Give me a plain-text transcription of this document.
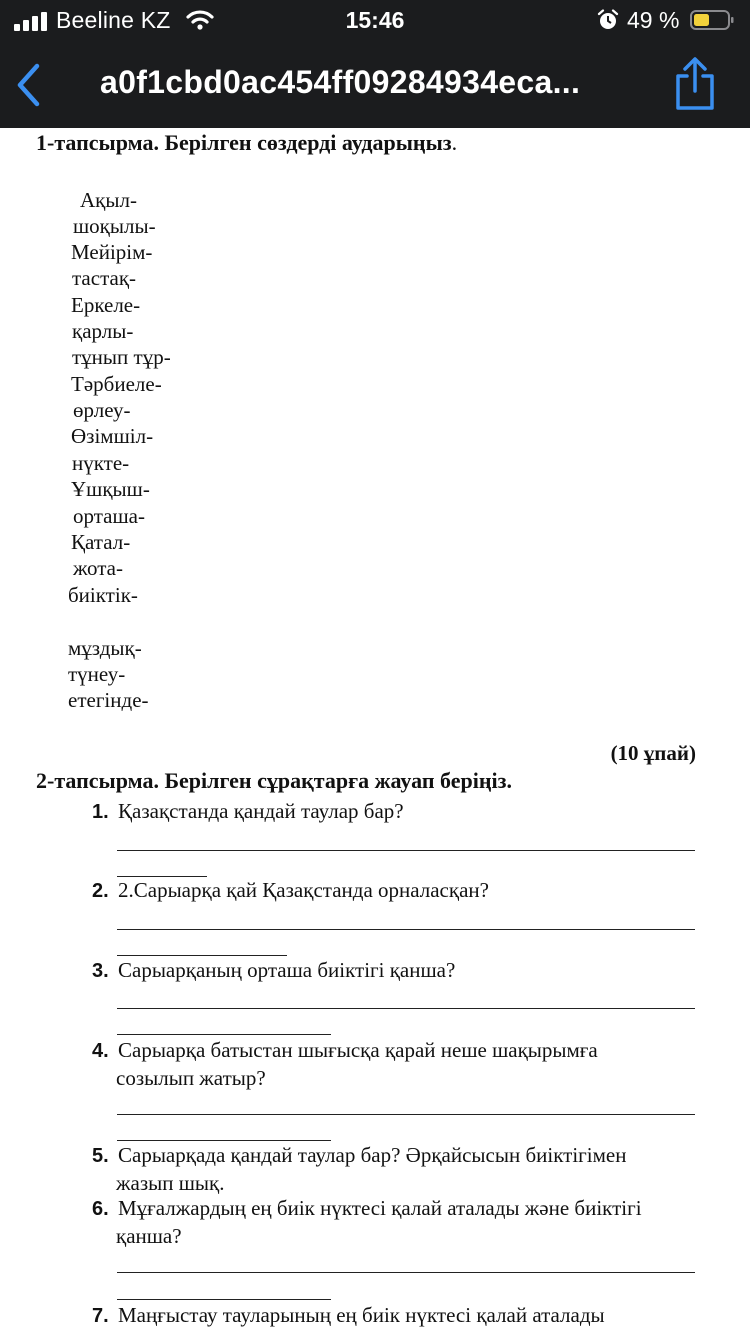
Beeline KZ	15:46	49 %
a0f1cbd0ac454ff09284934eca...
1-тапсырма. Берілген сөздерді аударыңыз.
Ақыл-
шоқылы-
Мейірім-
тастақ-
Еркеле-
қарлы-
тұнып тұр-
Тәрбиеле-
өрлеу-
Өзімшіл-
нүкте-
Ұшқыш-
орташа-
Қатал-
жота-
биіктік-
мұздық-
түнеу-
етегінде-
(10 ұпай)
2-тапсырма. Берілген сұрақтарға жауап беріңіз.
1. Қазақстанда қандай таулар бар?
2. 2.Сарыарқа қай Қазақстанда орналасқан?
3. Сарыарқаның орташа биіктігі қанша?
4. Сарыарқа батыстан шығысқа қарай неше шақырымға
созылып жатыр?
5. Сарыарқада қандай таулар бар? Әрқайсысын биіктігімен
жазып шық.
6. Мұғалжардың ең биік нүктесі қалай аталады және биіктігі
қанша?
7. Маңғыстау тауларының ең биік нүктесі қалай аталады
